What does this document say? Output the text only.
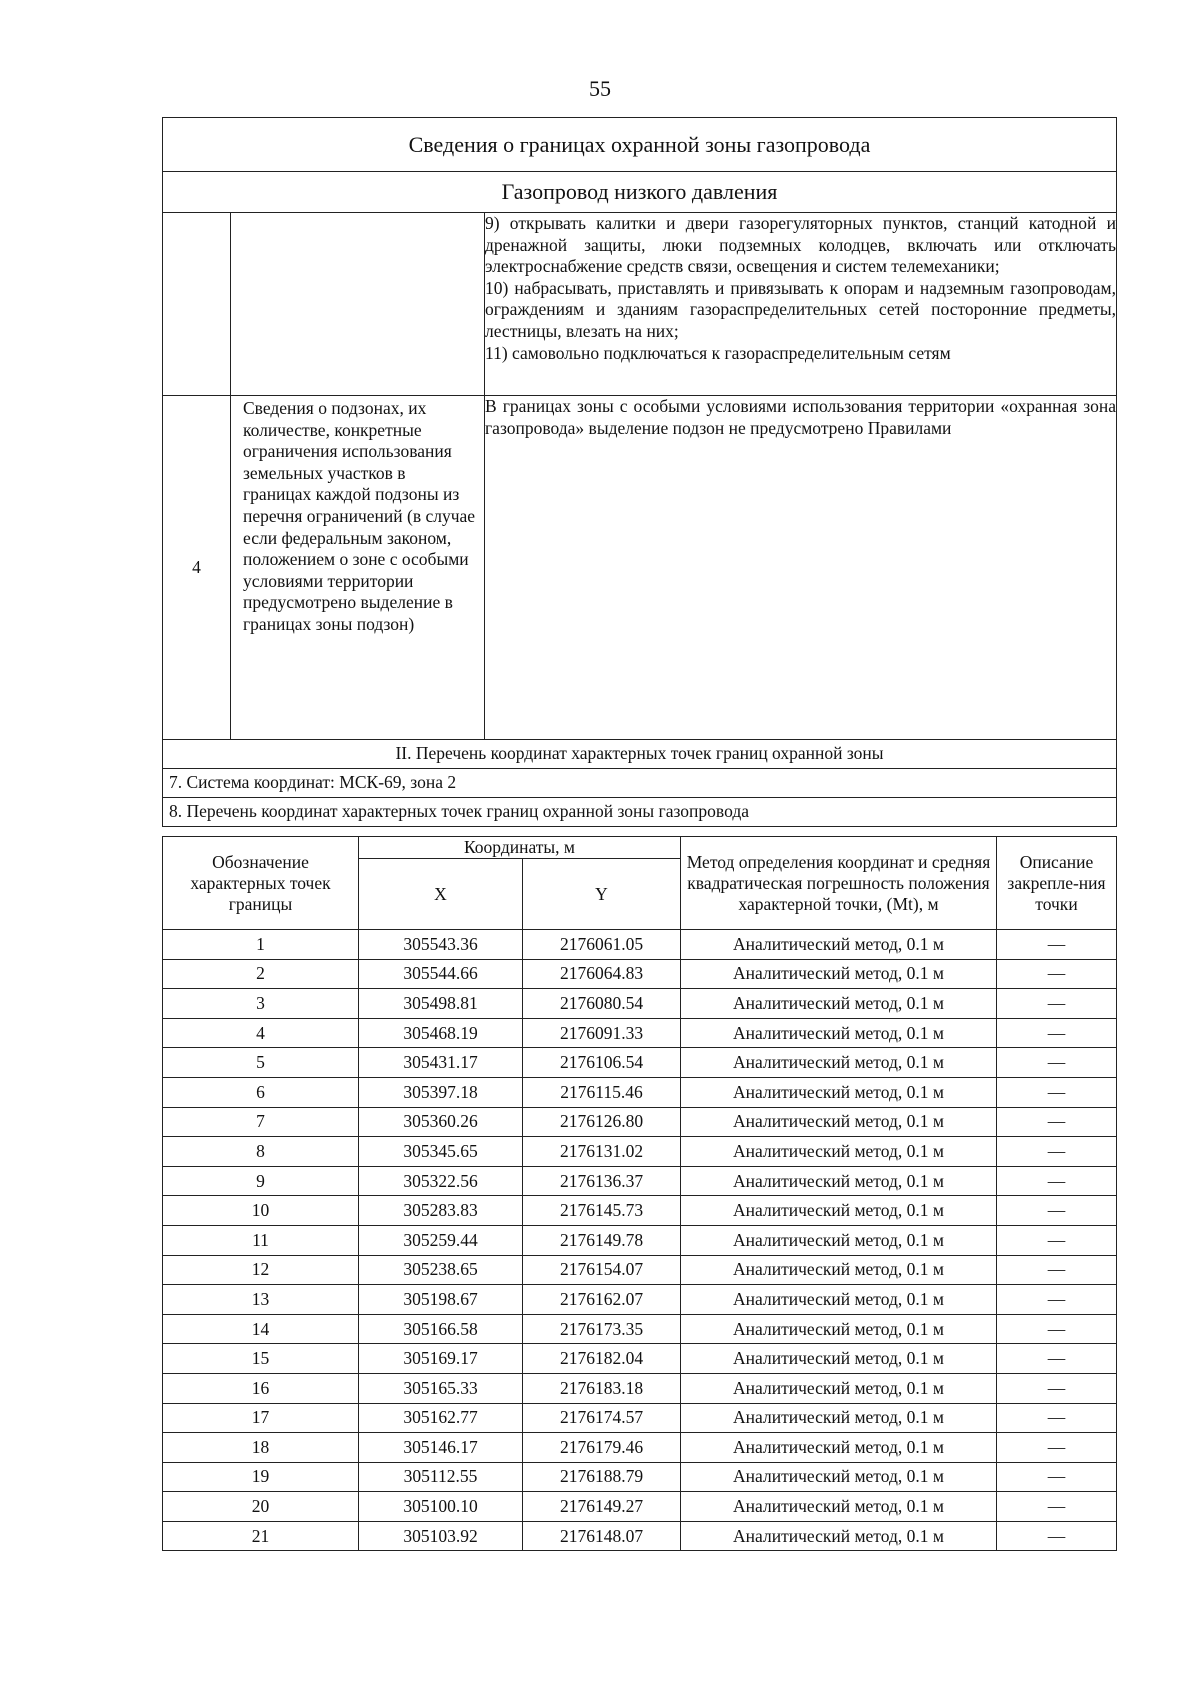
55
Сведения о границах охранной зоны газопровода		
Газопровод низкого давления		

		9) открывать калитки и двери газорегуляторных пунктов, станций катодной и дренажной защиты, люки подземных колодцев, включать или отключать электроснабжение средств связи, освещения и систем телемеханики;

10) набрасывать, приставлять и привязывать к опорам и надземным газопроводам, ограждениям и зданиям газораспределительных сетей посторонние предметы, лестницы, влезать на них;

11) самовольно подключаться к газораспределительным сетям

4	Сведения о подзонах, их количестве, конкретные ограничения использования земельных участков в границах каждой подзоны из перечня ограничений (в случае если федеральным законом, положением о зоне с особыми условиями территории предусмотрено выделение в границах зоны подзон)	В границах зоны с особыми условиями использования территории «охранная зона газопровода» выделение подзон не предусмотрено Правилами
II. Перечень координат характерных точек границ охранной зоны		
7. Система координат: МСК-69, зона 2		
8. Перечень координат характерных точек границ охранной зоны газопровода		
Обозначение характерных точек границы	Координаты, м		Метод определения координат и средняя квадратическая погрешность положения характерной точки, (Mt), м	Описание закрепле-ния точки
	X	Y		
1	305543.36	2176061.05	Аналитический метод, 0.1 м	—
2	305544.66	2176064.83	Аналитический метод, 0.1 м	—
3	305498.81	2176080.54	Аналитический метод, 0.1 м	—
4	305468.19	2176091.33	Аналитический метод, 0.1 м	—
5	305431.17	2176106.54	Аналитический метод, 0.1 м	—
6	305397.18	2176115.46	Аналитический метод, 0.1 м	—
7	305360.26	2176126.80	Аналитический метод, 0.1 м	—
8	305345.65	2176131.02	Аналитический метод, 0.1 м	—
9	305322.56	2176136.37	Аналитический метод, 0.1 м	—
10	305283.83	2176145.73	Аналитический метод, 0.1 м	—
11	305259.44	2176149.78	Аналитический метод, 0.1 м	—
12	305238.65	2176154.07	Аналитический метод, 0.1 м	—
13	305198.67	2176162.07	Аналитический метод, 0.1 м	—
14	305166.58	2176173.35	Аналитический метод, 0.1 м	—
15	305169.17	2176182.04	Аналитический метод, 0.1 м	—
16	305165.33	2176183.18	Аналитический метод, 0.1 м	—
17	305162.77	2176174.57	Аналитический метод, 0.1 м	—
18	305146.17	2176179.46	Аналитический метод, 0.1 м	—
19	305112.55	2176188.79	Аналитический метод, 0.1 м	—
20	305100.10	2176149.27	Аналитический метод, 0.1 м	—
21	305103.92	2176148.07	Аналитический метод, 0.1 м	—
